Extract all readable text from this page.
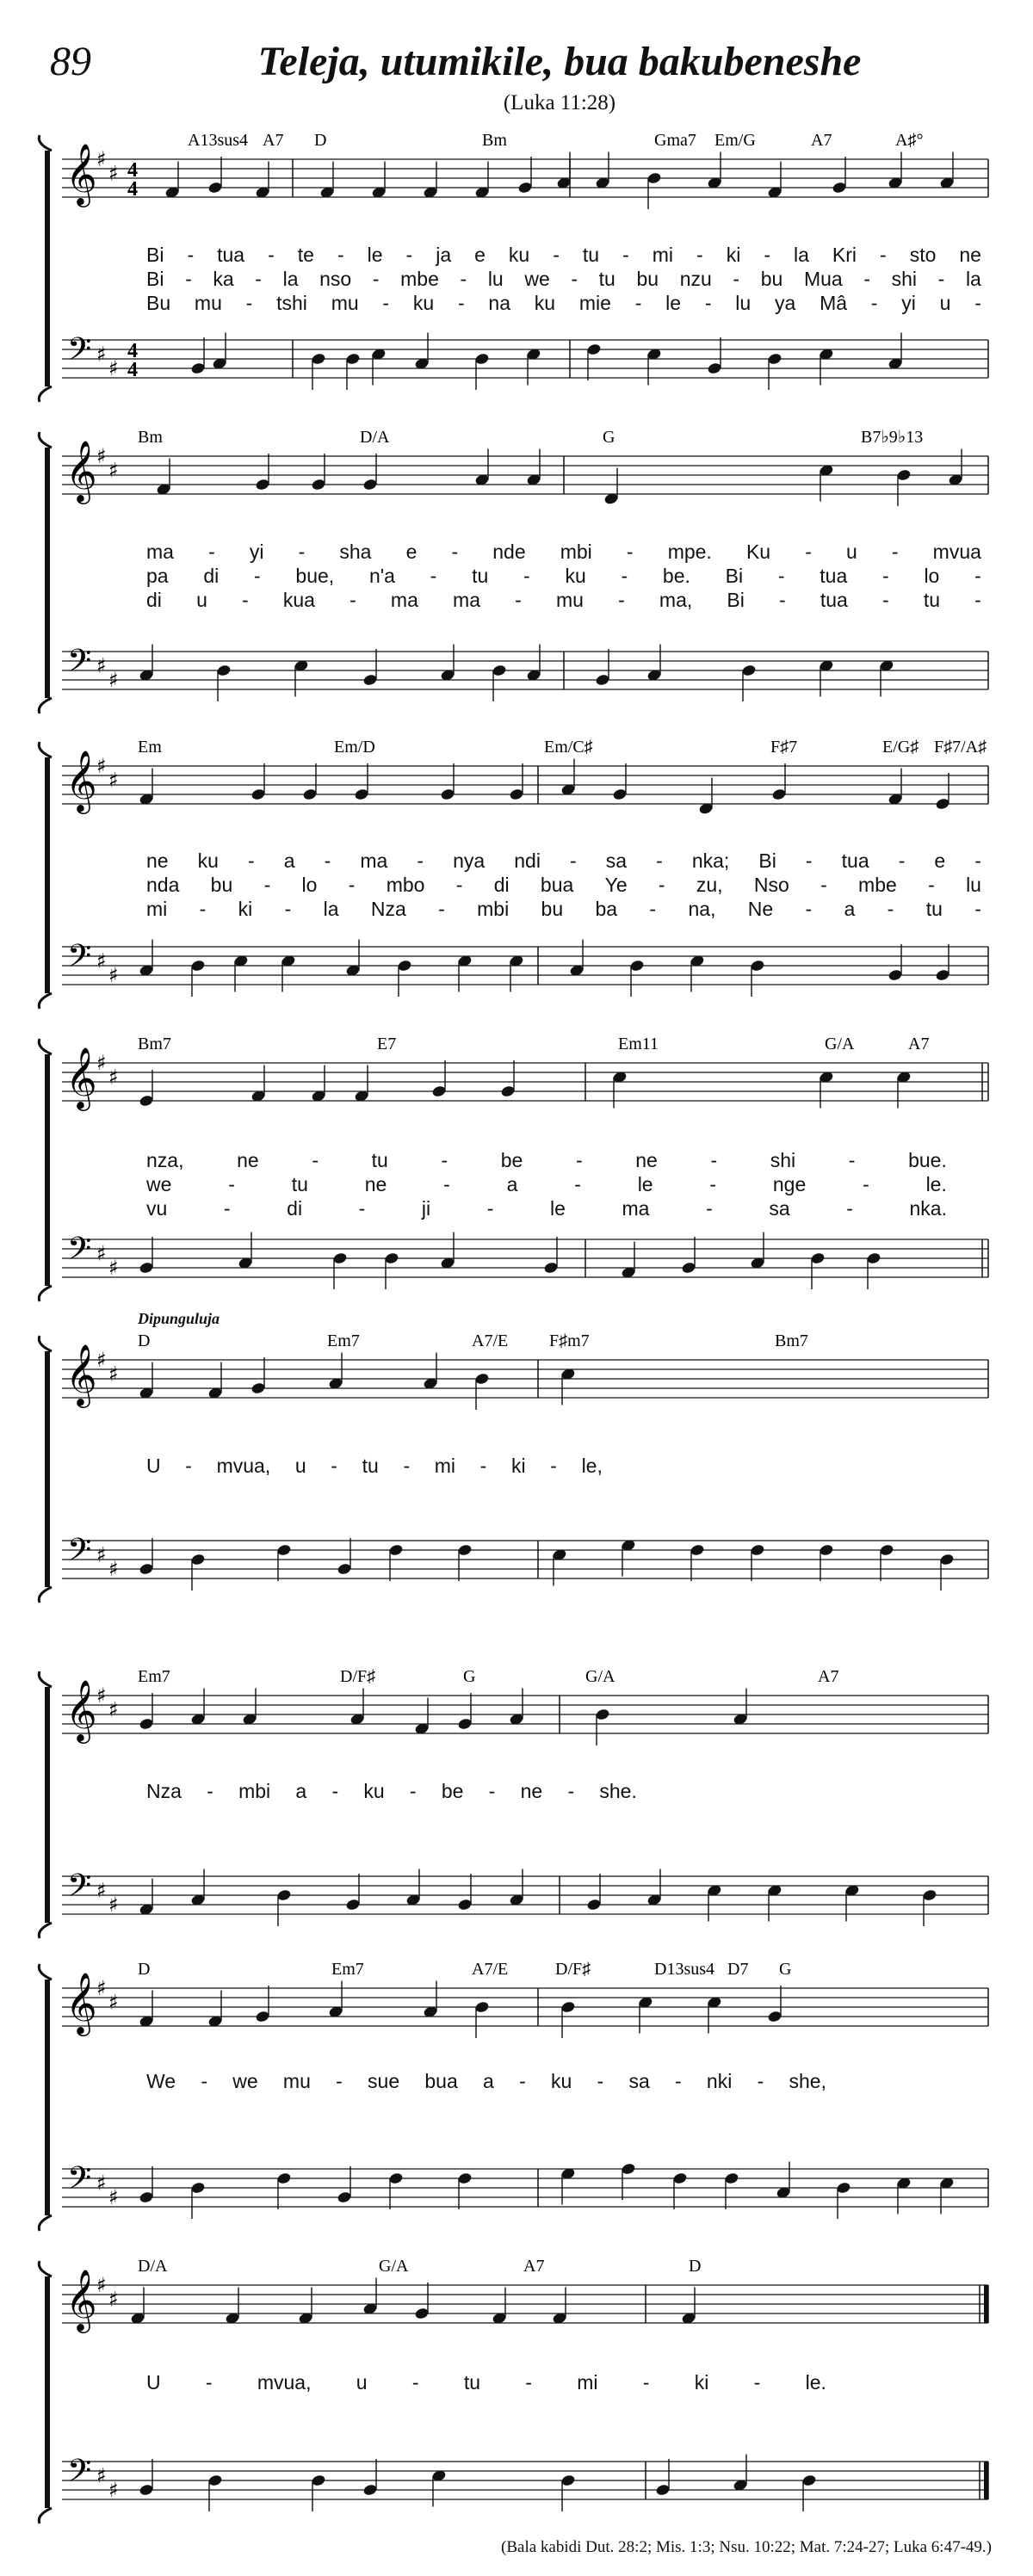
89	Teleja, utumikile, bua bakubeneshe
(Luka 11:28)
Dipunguluja
𝄞
𝄢
♯
♯
♯
♯
4
4
4
4
A13sus4 A7 D	Bm	Gma7 Em/G	A7	A♯°
𝄞
𝄢
♯
♯
♯
♯
Bm	D/A	G	B7♭9♭13
𝄞
𝄢
♯
♯
♯
♯
Em	Em/D	Em/C♯	F♯7	E/G♯ F♯7/A♯
𝄞
𝄢
♯
♯
♯
♯
Bm7	E7	Em11	G/A	A7
𝄞
𝄢
♯
♯
♯
♯
D	Em7	A7/E F♯m7	Bm7
𝄞
𝄢
♯
♯
♯
♯
Em7	D/F♯	G	G/A	A7
𝄞
𝄢
♯
♯
♯
♯
D	Em7	A7/E	D/F♯	D13sus4 D7 G
𝄞
𝄢
♯
♯
♯
♯
D/A	G/A	A7	D
(Bala kabidi Dut. 28:2; Mis. 1:3; Nsu. 10:22; Mat. 7:24-27; Luka 6:47-49.)
Bi - tua - te - le - ja e ku - tu - mi - ki - la Kri - sto ne
Bi - ka - la nso - mbe - lu we - tu bu nzu - bu Mua - shi - la
Bu mu - tshi mu - ku - na ku mie - le - lu ya Mâ - yi u -
ma - yi - sha e - nde mbi - mpe. Ku - u - mvua
pa di - bue, n'a - tu - ku - be. Bi - tua - lo -
di u - kua - ma ma - mu - ma, Bi - tua - tu -
ne ku - a - ma - nya ndi - sa - nka; Bi - tua - e -
nda bu - lo - mbo - di bua Ye - zu, Nso - mbe - lu
mi - ki - la Nza - mbi bu ba - na, Ne - a - tu -
nza,	ne	-	tu	-	be	-	ne	-	shi	-	bue.
we	-	tu	ne	-	a	-	le	-	nge	-	le.
vu	-	di	-	ji	-	le	ma	-	sa	-	nka.
U - mvua, u - tu - mi - ki - le,
Nza - mbi a - ku - be - ne - she.
We - we mu - sue bua a - ku - sa - nki - she,
U - mvua, u - tu - mi - ki - le.
